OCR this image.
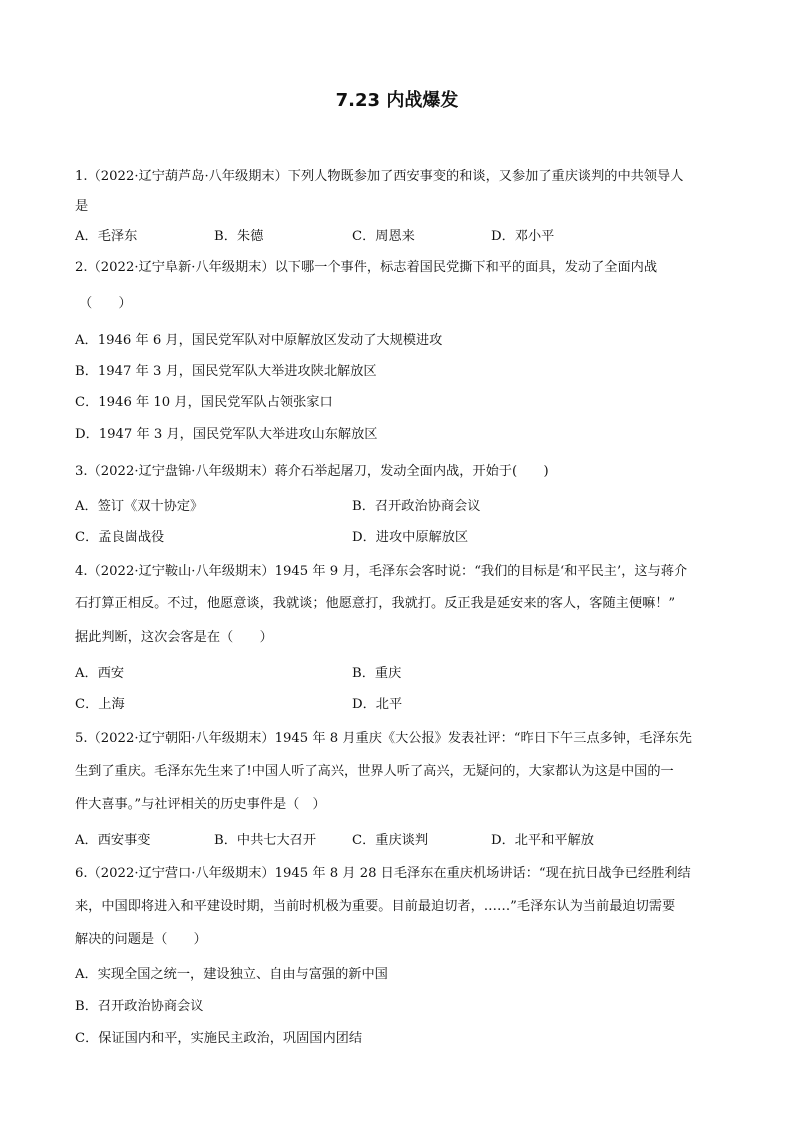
7.23 内战爆发
1.（2022·辽宁葫芦岛·八年级期末）下列人物既参加了西安事变的和谈，又参加了重庆谈判的中共领导人
是
A．毛泽东	B．朱德	C．周恩来	D．邓小平
2.（2022·辽宁阜新·八年级期末）以下哪一个事件，标志着国民党撕下和平的面具，发动了全面内战
（　　）
A．1946 年 6 月，国民党军队对中原解放区发动了大规模进攻
B．1947 年 3 月，国民党军队大举进攻陕北解放区
C．1946 年 10 月，国民党军队占领张家口
D．1947 年 3 月，国民党军队大举进攻山东解放区
3.（2022·辽宁盘锦·八年级期末）蒋介石举起屠刀，发动全面内战，开始于(　　)
A．签订《双十协定》	B．召开政治协商会议
C．孟良崮战役	D．进攻中原解放区
4.（2022·辽宁鞍山·八年级期末）1945 年 9 月，毛泽东会客时说：“我们的目标是‘和平民主’，这与蒋介
石打算正相反。不过，他愿意谈，我就谈；他愿意打，我就打。反正我是延安来的客人，客随主便嘛！”
据此判断，这次会客是在（　　）
A．西安	B．重庆
C．上海	D．北平
5.（2022·辽宁朝阳·八年级期末）1945 年 8 月重庆《大公报》发表社评：“昨日下午三点多钟，毛泽东先
生到了重庆。毛泽东先生来了!中国人听了高兴，世界人听了高兴，无疑问的，大家都认为这是中国的一
件大喜事。”与社评相关的历史事件是（　）
A．西安事变	B．中共七大召开	C．重庆谈判	D．北平和平解放
6.（2022·辽宁营口·八年级期末）1945 年 8 月 28 日毛泽东在重庆机场讲话：“现在抗日战争已经胜利结
来，中国即将进入和平建设时期，当前时机极为重要。目前最迫切者，……”毛泽东认为当前最迫切需要
解决的问题是（　　）
A．实现全国之统一，建设独立、自由与富强的新中国
B．召开政治协商会议
C．保证国内和平，实施民主政治，巩固国内团结
